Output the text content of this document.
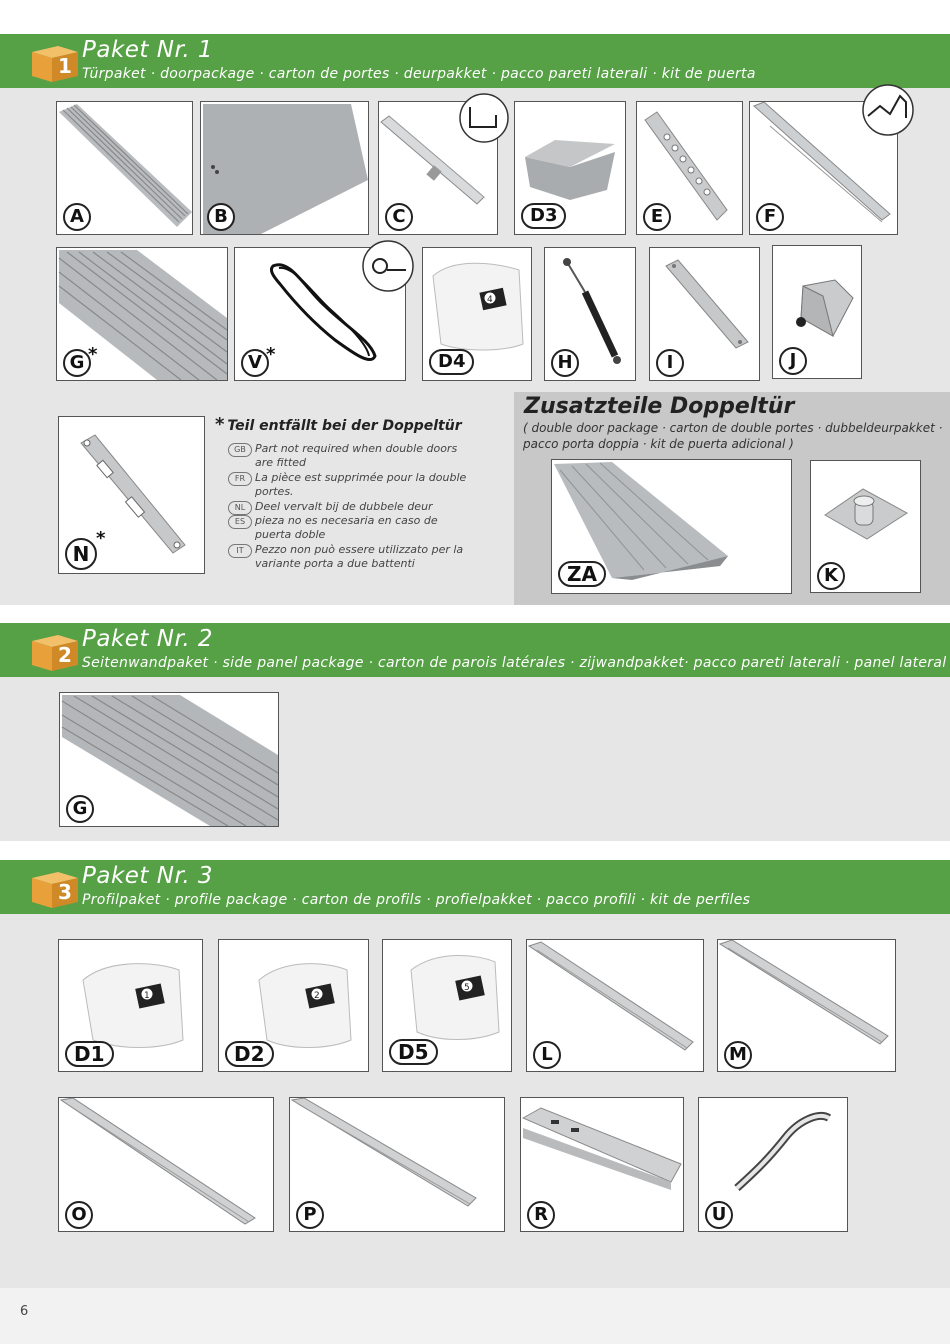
1
Paket Nr. 1
Türpaket · doorpackage · carton de portes · deurpakket · pacco pareti laterali · kit de puerta
A	B	C	D3	E	F
G *	V *
4
D4	H	I	J
N
*
* Teil entfällt bei der Doppeltür
GB Part not required when double doors are fitted
FR La pièce est supprimée pour la double portes.
NL Deel vervalt bij de dubbele deur
ES pieza no es necesaria en caso de puerta doble
IT	Pezzo non può essere utilizzato per la variante porta a due battenti
Zusatzteile Doppeltür
( double door package · carton de double portes · dubbeldeurpakket · pacco porta doppia · kit de puerta adicional )
ZA	K
2
Paket Nr. 2
Seitenwandpaket · side panel package · carton de parois latérales · zijwandpakket· pacco pareti laterali · panel lateral
G
3
Paket Nr. 3
Profilpaket · profile package · carton de profils · profielpakket · pacco profili · kit de perfiles
1
D1
2
D2
5
D5	L	M
O	P	R	U
6
